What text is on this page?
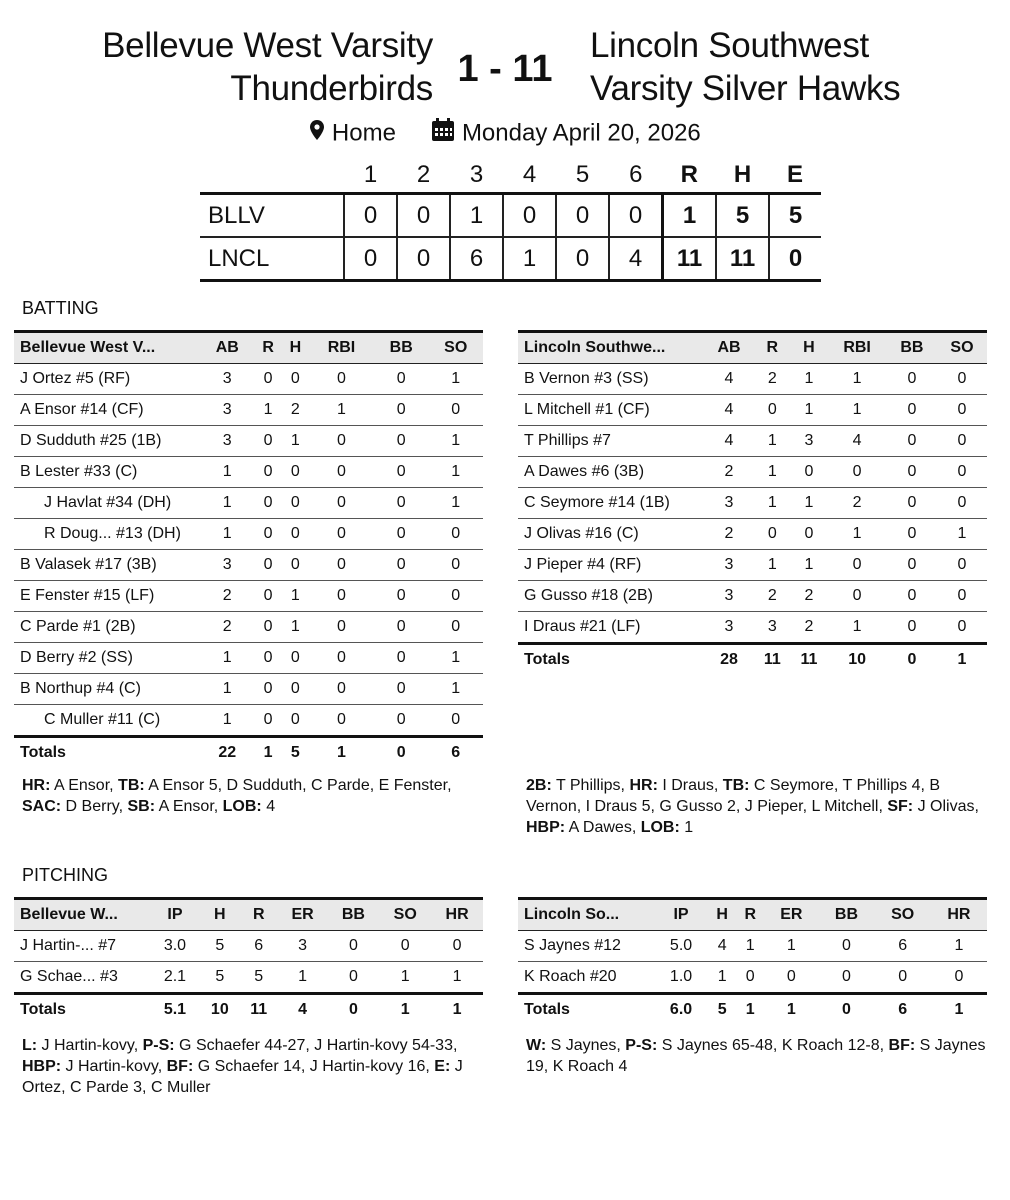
Bellevue West Varsity
Thunderbirds 1 - 11
Lincoln Southwest
Varsity Silver Hawks
Home	Monday April 20, 2026
	1	2	3	4	5	6	R	H	E
BLLV	0	0	1	0	0	0	1	5	5
LNCL	0	0	6	1	0	4	11	11	0
BATTING
Bellevue West V...	AB	R	H	RBI	BB	SO
J Ortez #5 (RF)	3	0	0	0	0	1
A Ensor #14 (CF)	3	1	2	1	0	0
D Sudduth #25 (1B)	3	0	1	0	0	1
B Lester #33 (C)	1	0	0	0	0	1
J Havlat #34 (DH)	1	0	0	0	0	1
R Doug... #13 (DH)	1	0	0	0	0	0
B Valasek #17 (3B)	3	0	0	0	0	0
E Fenster #15 (LF)	2	0	1	0	0	0
C Parde #1 (2B)	2	0	1	0	0	0
D Berry #2 (SS)	1	0	0	0	0	1
B Northup #4 (C)	1	0	0	0	0	1
C Muller #11 (C)	1	0	0	0	0	0
Totals	22	1	5	1	0	6
Lincoln Southwe...	AB	R	H	RBI	BB	SO
B Vernon #3 (SS)	4	2	1	1	0	0
L Mitchell #1 (CF)	4	0	1	1	0	0
T Phillips #7	4	1	3	4	0	0
A Dawes #6 (3B)	2	1	0	0	0	0
C Seymore #14 (1B)	3	1	1	2	0	0
J Olivas #16 (C)	2	0	0	1	0	1
J Pieper #4 (RF)	3	1	1	0	0	0
G Gusso #18 (2B)	3	2	2	0	0	0
I Draus #21 (LF)	3	3	2	1	0	0
Totals	28	11	11	10	0	1
HR: A Ensor, TB: A Ensor 5, D Sudduth, C Parde, E Fenster, SAC: D Berry, SB: A Ensor, LOB: 4
2B: T Phillips, HR: I Draus, TB: C Seymore, T Phillips 4, B Vernon, I Draus 5, G Gusso 2, J Pieper, L Mitchell, SF: J Olivas, HBP: A Dawes, LOB: 1
PITCHING
Bellevue W...	IP	H	R	ER	BB	SO	HR
J Hartin-... #7	3.0	5	6	3	0	0	0
G Schae... #3	2.1	5	5	1	0	1	1
Totals	5.1	10	11	4	0	1	1
Lincoln So...	IP	H	R	ER	BB	SO	HR
S Jaynes #12	5.0	4	1	1	0	6	1
K Roach #20	1.0	1	0	0	0	0	0
Totals	6.0	5	1	1	0	6	1
L: J Hartin-kovy, P-S: G Schaefer 44-27, J Hartin-kovy 54-33, HBP: J Hartin-kovy, BF: G Schaefer 14, J Hartin-kovy 16, E: J Ortez, C Parde 3, C Muller
W: S Jaynes, P-S: S Jaynes 65-48, K Roach 12-8, BF: S Jaynes 19, K Roach 4
